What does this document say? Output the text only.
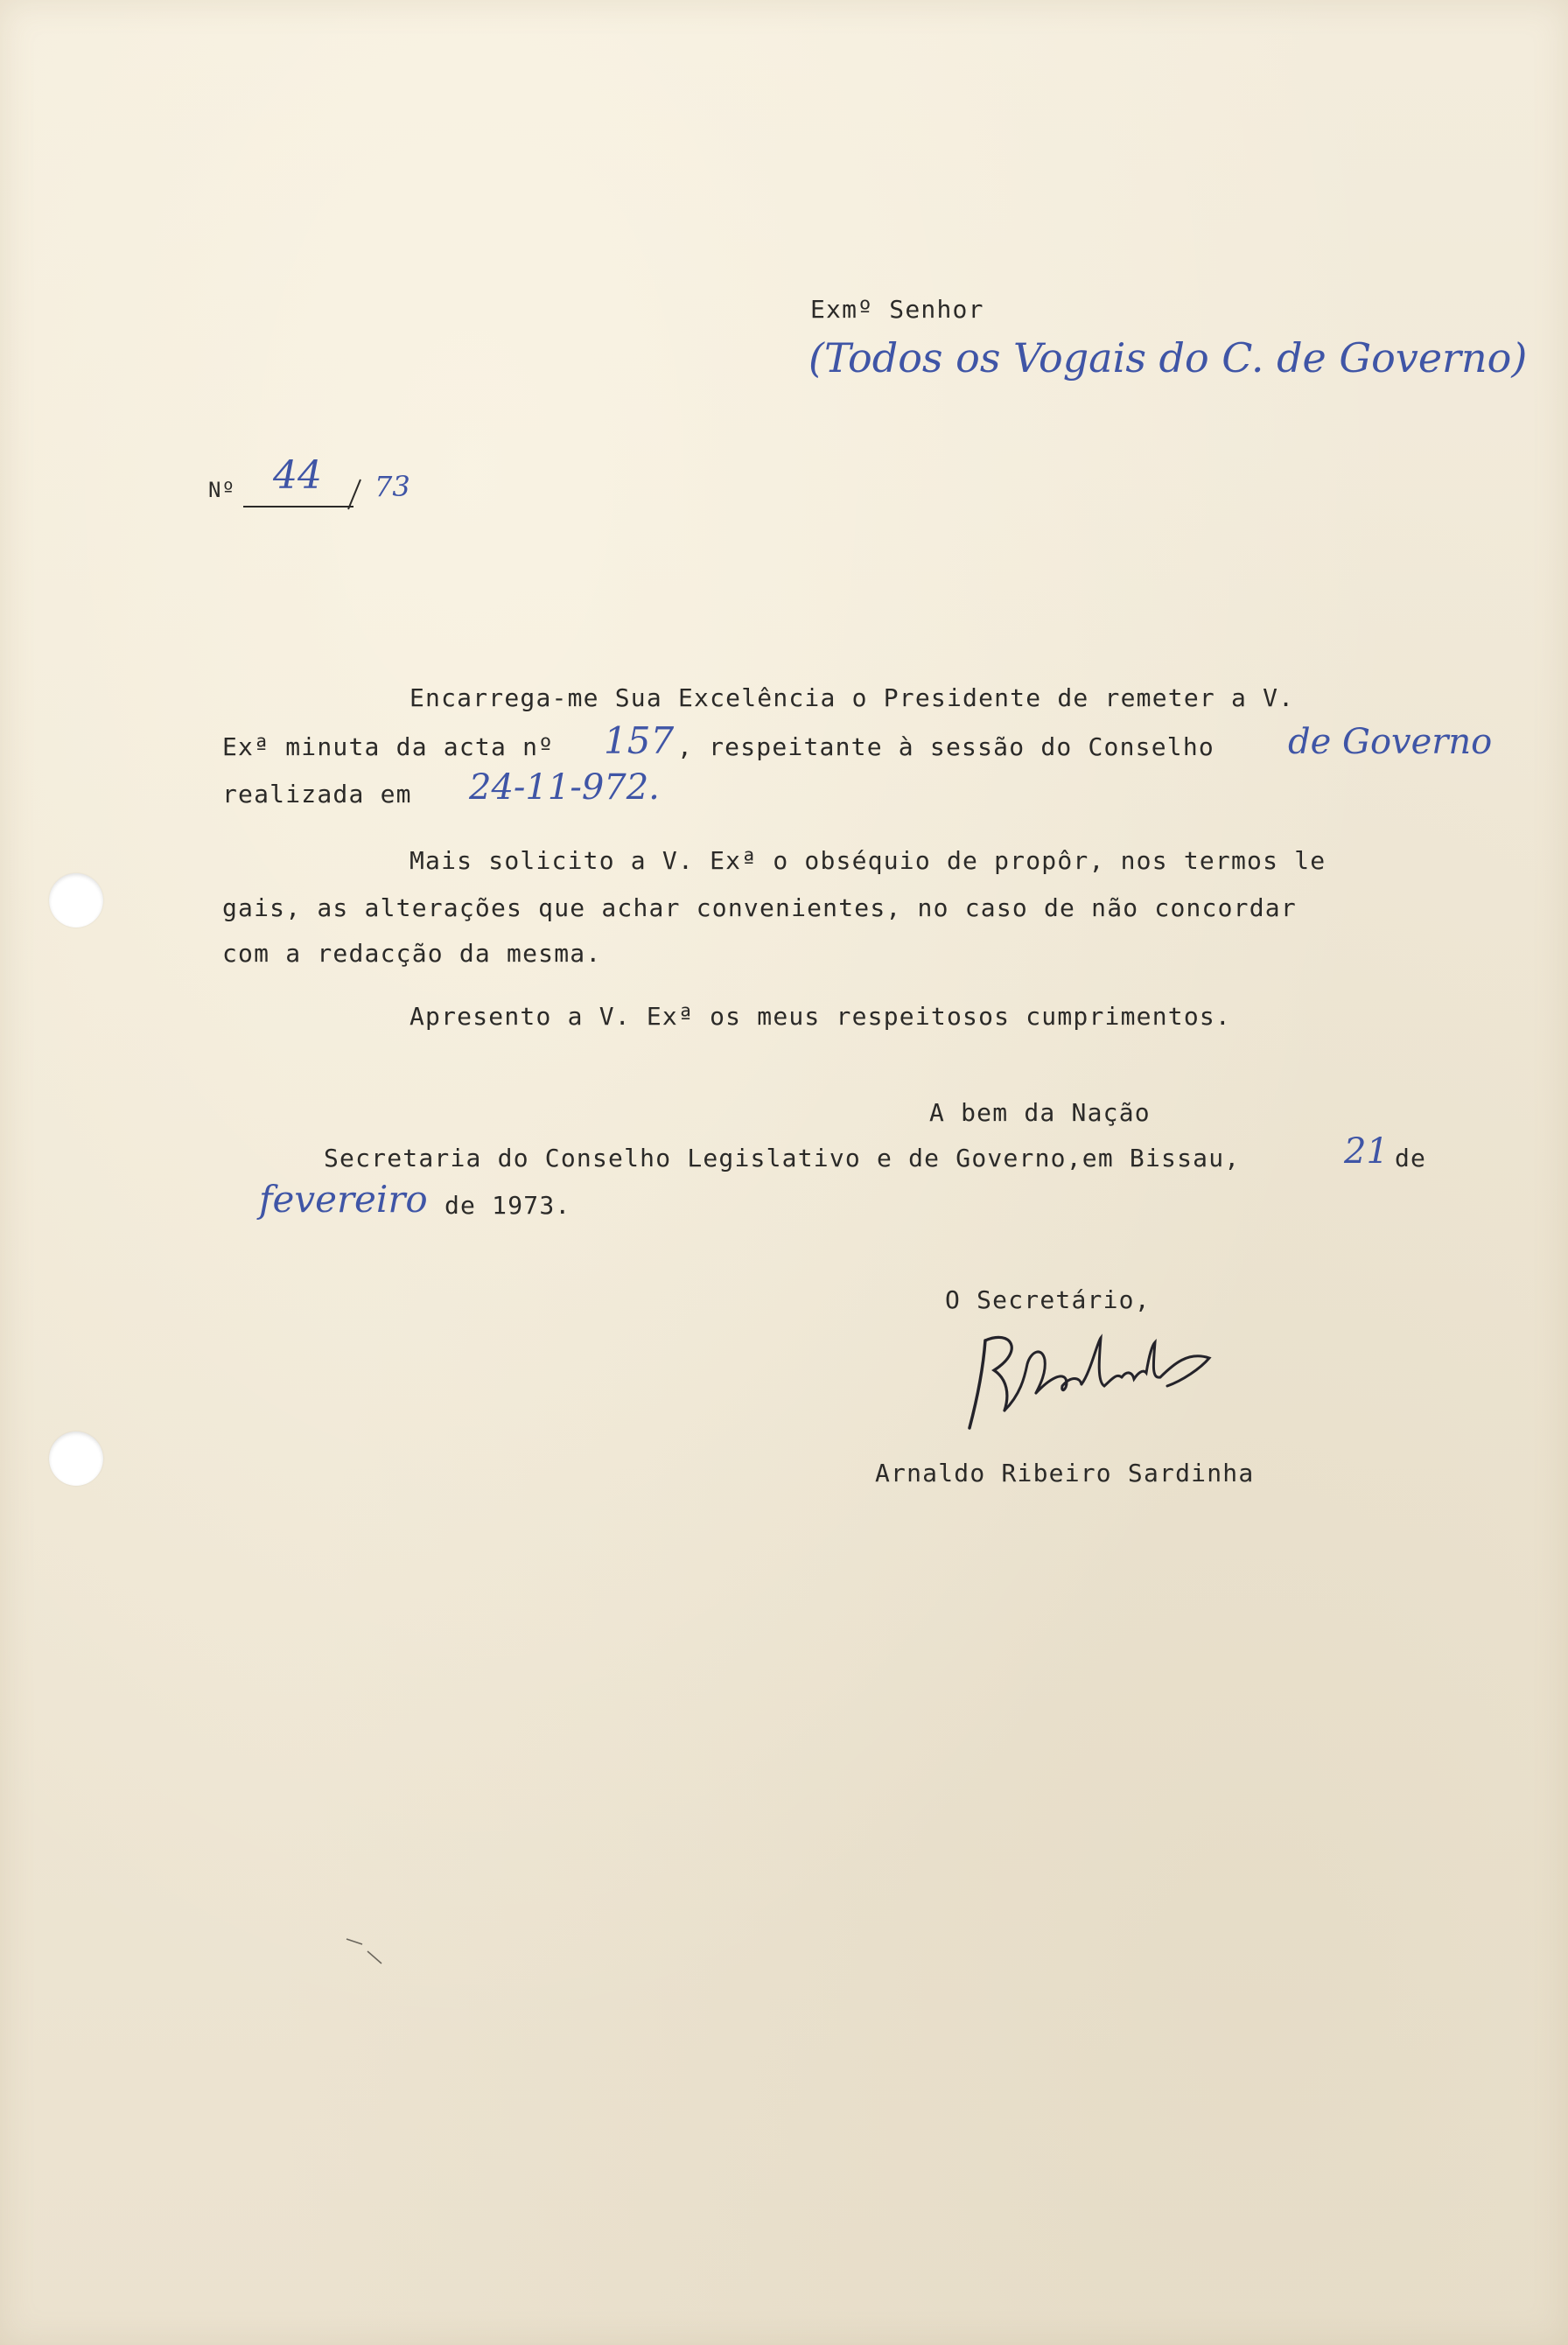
Exmº Senhor
(Todos os Vogais do C. de Governo)
Nº 44 73
Encarrega-me Sua Excelência o Presidente de remeter a V.
Exª minuta da acta nº 157 , respeitante à sessão do Conselho de Governo
realizada em 24-11-972.
Mais solicito a V. Exª o obséquio de propôr, nos termos le
gais, as alterações que achar convenientes, no caso de não concordar
com a redacção da mesma.
Apresento a V. Exª os meus respeitosos cumprimentos.
A bem da Nação
Secretaria do Conselho Legislativo e de Governo,em Bissau,	21 de
fevereiro de 1973.
O Secretário,
Arnaldo Ribeiro Sardinha
